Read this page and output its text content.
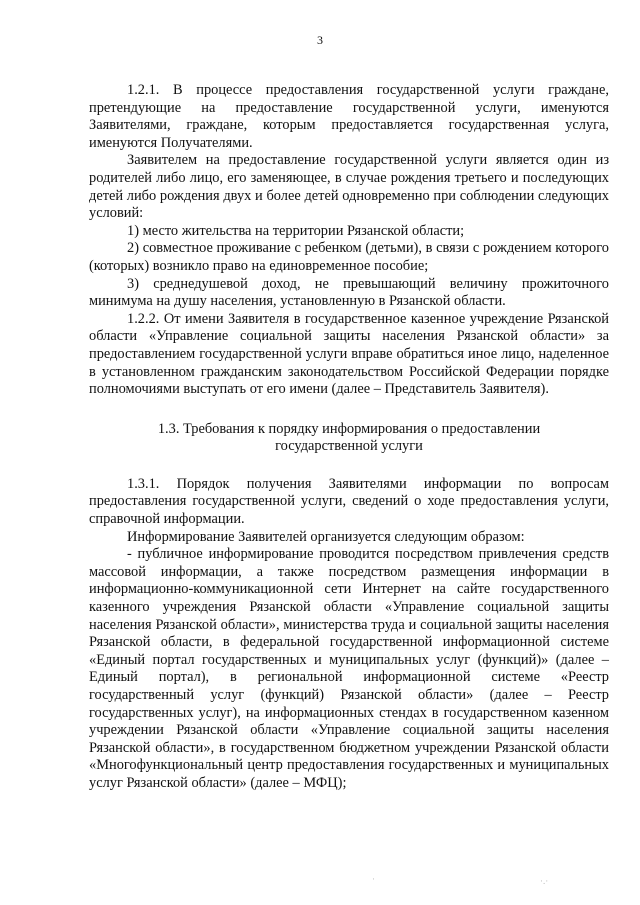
3

1.2.1. В процессе предоставления государственной услуги граждане, претендующие на предоставление государственной услуги, именуются Заявителями, граждане, которым предоставляется государственная услуга, именуются Получателями.

Заявителем на предоставление государственной услуги является один из родителей либо лицо, его заменяющее, в случае рождения третьего и последующих детей либо рождения двух и более детей одновременно при соблюдении следующих условий:

1) место жительства на территории Рязанской области;

2) совместное проживание с ребенком (детьми), в связи с рождением которого (которых) возникло право на единовременное пособие;

3) среднедушевой доход, не превышающий величину прожиточного минимума на душу населения, установленную в Рязанской области.

1.2.2. От имени Заявителя в государственное казенное учреждение Рязанской области «Управление социальной защиты населения Рязанской области» за предоставлением государственной услуги вправе обратиться иное лицо, наделенное в установленном гражданским законодательством Российской Федерации порядке полномочиями выступать от его имени (далее – Представитель Заявителя).

1.3. Требования к порядку информирования о предоставлении государственной услуги

1.3.1. Порядок получения Заявителями информации по вопросам предоставления государственной услуги, сведений о ходе предоставления услуги, справочной информации.

Информирование Заявителей организуется следующим образом:

- публичное информирование проводится посредством привлечения средств массовой информации, а также посредством размещения информации в информационно-коммуникационной сети Интернет на сайте государственного казенного учреждения Рязанской области «Управление социальной защиты населения Рязанской области», министерства труда и социальной защиты населения Рязанской области, в федеральной государственной информационной системе «Единый портал государственных и муниципальных услуг (функций)» (далее – Единый портал), в региональной информационной системе «Реестр государственный услуг (функций) Рязанской области» (далее – Реестр государственных услуг), на информационных стендах в государственном казенном учреждении Рязанской области «Управление социальной защиты населения Рязанской области», в государственном бюджетном учреждении Рязанской области «Многофункциональный центр предоставления государственных и муниципальных услуг Рязанской области» (далее – МФЦ);

·	·.·
